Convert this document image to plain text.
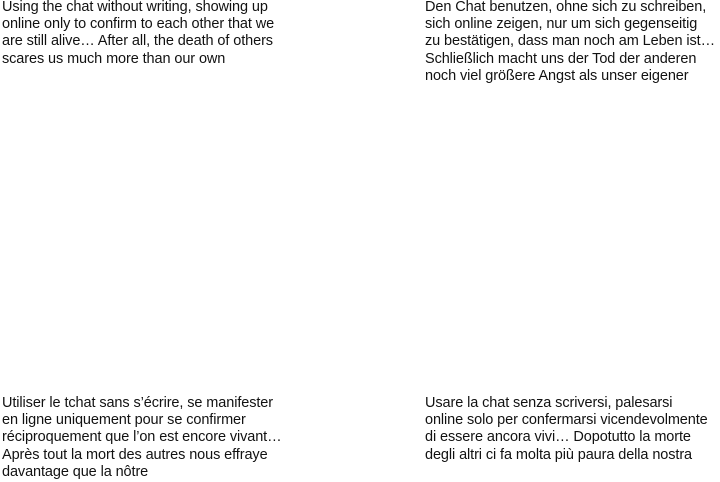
Using the chat without writing, showing up
online only to confirm to each other that we
are still alive… After all, the death of others
scares us much more than our own

Den Chat benutzen, ohne sich zu schreiben,
sich online zeigen, nur um sich gegenseitig
zu bestätigen, dass man noch am Leben ist…
Schließlich macht uns der Tod der anderen
noch viel größere Angst als unser eigener

Utiliser le tchat sans s’écrire, se manifester
en ligne uniquement pour se confirmer
réciproquement que l’on est encore vivant…
Après tout la mort des autres nous effraye
davantage que la nôtre

Usare la chat senza scriversi, palesarsi
online solo per confermarsi vicendevolmente
di essere ancora vivi… Dopotutto la morte
degli altri ci fa molta più paura della nostra
